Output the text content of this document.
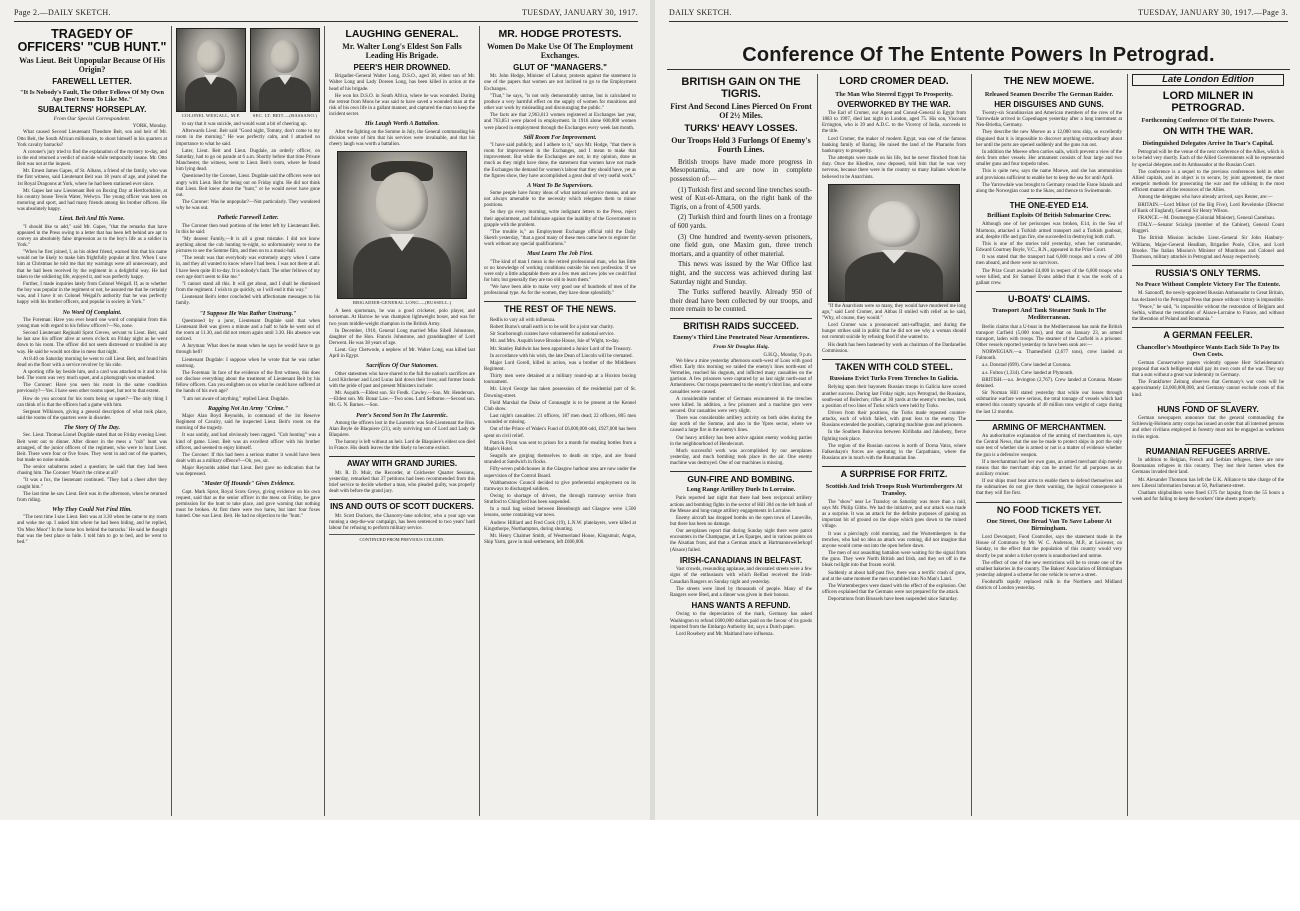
Page 2.—DAILY SKETCH.	TUESDAY, JANUARY 30, 1917.
TRAGEDY OF OFFICERS' "CUB HUNT."
Was Lieut. Beit Unpopular Because Of His Origin?
FAREWELL LETTER.
"It Is Nobody's Fault, The Other Fellows Of My Own Age Don't Seem To Like Me."
SUBALTERNS' HORSEPLAY.
From Our Special Correspondent.
YORK, Monday.

What caused Second Lieutenant Theodore Beit, son and heir of Mr. Otto Beit, the South African millionaire, to shoot himself in his quarters at York cavalry barracks?

A coroner's jury tried to find the explanation of the mystery to-day, and in the end returned a verdict of suicide while temporarily insane. Mr. Otto Beit was not at the inquest.

Mr. Ernest James Gapes, of St. Albans, a friend of the family, who was the first witness, said Lieutenant Beit was 18 years of age, and joined the 1st Royal Dragoons at York, where he had been stationed ever since.

Mr. Gapes last saw Lieutenant Beit on Boxing Day at Hertfordshire, at his country house Tewin Water, Welwyn. The young officer was keen on motoring and sport, and had many friends among his brother officers. He was absolutely happy.

Lieut. Beit And His Name.

"I should like to add," said Mr. Gapes, "that the remarks that have appeared in the Press owing to a letter that has been left behind are apt to convey an absolutely false impression as to the boy's life as a soldier in York."

"When he first joined, I, as his oldest friend, warned him that his name would not be likely to make him frightfully popular at first. When I saw him at Christmas he told me that my warnings were all unnecessary, and that he had been received by the regiment in a delightful way. He had taken to the soldiering life, enjoyed it, and was perfectly happy.

Further, I made inquiries lately from Colonel Weigall. If, as to whether the boy was popular in the regiment or not, he assured me that he certainly was, and I have it on Colonel Weigall's authority that he was perfectly happy with his brother officers, and popular in society in York."

No Word Of Complaint.

The Foreman: Have you ever heard one word of complaint from this young man with regard to his fellow officers?—No, none.

Second Lieutenant Reginald Sprot Greves, servant to Lieut. Beit, said he last saw his officer alive at seven o'clock on Friday night as he went down to his room. The officer did not seem distressed or troubled in any way. He said he would not dine in mess that night.

At 8.40 on Saturday morning he went to call Lieut. Beit, and found him dead on the floor with a service revolver by his side.

A sporting rifle lay beside him, and a card was attached to it and to his bed. The room was very much upset, and a photograph was smashed.

The Coroner: Have you seen his room in the same condition previously?—Yes. I have seen other rooms upset, but not to that extent.

How do you account for his room being so upset?—The only thing I can think of is that the officers had a game with him.

Sergeant Wilkinson, giving a general description of what took place, said the rooms of the quarters were in disorder.

The Story Of The Day.

Sec. Lieut. Thomas Lionel Dugdale stated that on Friday evening Lieut. Beit went out to dinner. After dinner in the mess a "cub" hunt was arranged, of the junior officers of the regiment, who were to hunt Lieut. Beit. There were four or five foxes. They went in and out of the quarters, but made no noise outside.

The senior subalterns asked a question; he said that they had been chasing him. The Coroner: Wasn't the crime at all?

"It was a fox, the lieutenant continued. "They had a cheer after they caught him."

The last time he saw Lieut. Beit was in the afternoon, when he returned from riding.

Why They Could Not Find Him.

"The next time I saw Lieut. Beit was at 3.30 when he came to my room and woke me up. I asked him where he had been hiding, and he replied, 'On Moo Moor'! In the horse box behind the barracks.' He said he thought that was the best place to hide. I told him to go to bed, and he went to bed."

COLONEL WEIGALL, M.P.	SEC. LT. BEIT.—(BASSANO.)

to say that it was suicide, and would want a bit of cheering up.

Afterwards Lieut. Beit said "Good night, Tommy, don't come to my room in the morning." He was perfectly calm, and I attached no importance to what he said.

Later, Lieut. Beit and Lieut. Dugdale, an orderly officer, on Saturday, had to go on parade at 6 a.m. Shortly before that time Private Manchester, the witness, went to Lieut. Beit's room, where he found him lying dead.

Questioned by the Coroner, Lieut. Dugdale said the officers were not angry with Lieut. Beit for being out on Friday night. He did not think that Lieut. Beit knew about the "hunt," or he would never have gone out.

The Coroner: Was he unpopular?—Not particularly. They wondered why he was out.

Pathetic Farewell Letter.

The Coroner then read portions of the letter left by Lieutenant Beit. In this he said:

"My dearest Family,—It is all a great mistake. I did not know anything about the cub hunting to-night, so unfortunately went to the pictures to see the Somme film, and then on to a music-hall.

"The result was that everybody was extremely angry when I came in, and they all wanted to know where I had been. I was not there at all. I have been quite ill to-day. It is nobody's fault. The other fellows of my own age don't seem to like me."

"I cannot stand all this. It will get about, and I shall be dismissed from the regiment. I wish to go quickly, so I will end it this way."

Lieutenant Beit's letter concluded with affectionate messages to his family.

"I Suppose He Was Rather Unstrung."

Questioned by a juror, Lieutenant Dugdale said that when Lieutenant Beit was given a minute and a half to hide he went out of the room at 11.30, and did not return again until 3.30. His absence was noticed.

A Juryman: What does he mean when he says he would have to go through hell?

Lieutenant Dugdale: I suppose when he wrote that he was rather unstrung.

The Foreman: In face of the evidence of the first witness, this does not disclose everything about the treatment of Lieutenant Beit by his fellow officers. Can you enlighten us on what he could have suffered at the hands of his own age?

"I am not aware of anything," replied Lieut. Dugdale.

Ragging Not An Army "Crime."

Major Alan Boyd Reynolds, in command of the 1st Reserve Regiment of Cavalry, said he inspected Lieut. Beit's room on the morning of the tragedy.

It was untidy, and had obviously been ragged. "Cub hunting" was a kind of game. Lieut. Beit was an excellent officer with his brother officers, and seemed to enjoy himself.

The Coroner: If this had been a serious matter it would have been dealt with as a military offence?—Oh, yes, sir.

Major Reynolds added that Lieut. Beit gave no indication that he was depressed.

"Master Of Hounds" Gives Evidence.

Capt. Mark Sprot, Royal Scots Greys, giving evidence on his own request, said that as the senior officer in the mess on Friday, he gave permission for the hunt to take place, and gave warning that nothing must be broken. At first there were two hares, but later four foxes hunted. One was Lieut. Beit. He had no objection to the "hunt."

LAUGHING GENERAL.
Mr. Walter Long's Eldest Son Falls Leading His Brigade.
PEER'S HEIR DROWNED.

Brigadier-General Walter Long, D.S.O., aged 38, eldest son of Mr. Walter Long and Lady Doreen Long, has been killed in action at the head of his brigade.

He won his D.S.O. in South Africa, where he was wounded. During the retreat from Mons he was said to have saved a wounded man at the risk of his own life in a gallant manner, and captured the man to keep the incident secret.

His Laugh Worth A Battalion.

After the fighting on the Somme in July, the General commanding his division wrote of him that his services were invaluable, and that his cheery laugh was worth a battalion.

BRIGADIER-GENERAL LONG.—(RUSSELL.)

A keen sportsman, he was a good cricketer, polo player, and horseman. At Harrow he was champion lightweight boxer, and was for two years middle-weight champion in the British Army.

In December, 1910, General Long married Miss Sibell Johnstone, daughter of the Hon. Francis Johnstone, and granddaughter of Lord Derwent. He was 38 years of age.

Lieut. Guy Chetwode, a nephew of Mr. Walter Long, was killed last April in Egypt.

Sacrifices Of Our Statesmen.

Other statesmen who have shared to the full the nation's sacrifices are Lord Kitchener and Lord Lucas laid down their lives; and former bonds with the pride of past and present Ministers include:

Mr. Asquith.—Eldest son. Sir Fredk. Cawley.—Son. Mr. Henderson.—Eldest son. Mr. Bonar Law.—Two sons. Lord Selborne.—Second son. Mr. G. N. Barnes.—Son.

Peer's Second Son In The Laurentic.

Among the officers lost in the Laurentic was Sub-Lieutenant the Hon. Alan Boyle de Blaquiere (21), only surviving son of Lord and Lady de Blaquiere.

The barony is left without an heir. Lord de Blaquiere's eldest son died in France. His death leaves the title likely to become extinct.

AWAY WITH GRAND JURIES.

Mr. R. D. Muir, the Recorder, at Colchester Quarter Sessions, yesterday, remarked that 37 petitions had been recommended from this brief service to decide whether a man, who pleaded guilty, was properly dealt with before the grand jury.

INS AND OUTS OF SCOTT DUCKERS.

Mr. Scott Duckers, the Chancery-lane solicitor, who a year ago was running a step-the-war campaign, has been sentenced to two years' hard labour for refusing to perform military service.

CONTINUED FROM PREVIOUS COLUMN.
MR. HODGE PROTESTS.
Women Do Make Use Of The Employment Exchanges.
GLUT OF "MANAGERS."

Mr. John Hodge, Minister of Labour, protests against the statement in one of the papers that women are not inclined to go to the Employment Exchanges.

"That," he says, "is not only demonstrably untrue, but is calculated to produce a very harmful effect on the supply of women for munitions and other war work by misleading and discouraging the public."

The facts are that 2,963,613 women registered at Exchanges last year, and 763,851 were placed in employment. In 1916 alone 600,000 women were placed in employment through the Exchanges every week last month.

Still Room For Improvement.

"I have said publicly, and I adhere to it," says Mr. Hodge, "that there is room for improvement in the Exchanges, and I mean to make that improvement. But while the Exchanges are not, in my opinion, done as much as they might have done, the statement that women have not made the Exchanges the demand for women's labour that they should have, yet as the figures show, they have accomplished a great deal of very useful work."

A Want To Be Supervisors.

Some people have funny ideas of what national service means, and are not always amenable to the necessity which relegates them to minor positions.

So they go every morning, write indignant letters to the Press, reject their appointment, and fulminate against the inability of the Government to grapple with the problem.

"The trouble is," an Employment Exchange official told the Daily Sketch yesterday, "that a good many of these men came here to register for work without any special qualifications."

Must Learn The Job First.

"The kind of man I mean is the retired professional man, who has little or no knowledge of working conditions outside his own profession. If we were only a little adaptable there are a few men and new jobs we could find for him; but generally they are too old to learn them."

"We have been able to make very good use of hundreds of men of the professional type. As for the women, they have done splendidly."

THE REST OF THE NEWS.

Redlis to vary all with influenza.

Robert Burns's small earth is to be sold for a joint war charity.

Sir Scarborough curates have volunteered for national service.

Mr. and Mrs. Asquith leave Brooke House, Isle of Wight, to-day.

Mr. Stanley Baldwin has been appointed a Junior Lord of the Treasury.

In accordance with his wish, the late Dean of Lincoln will be cremated.

Major Lord Gorell, killed in action, was a brother of the Middlesex Regiment.

Thirty men were detained at a military round-up at a Hoxton boxing tournament.

Mr. Lloyd George has taken possession of the residential part of St. Downing-street.

Field Marshal the Duke of Connaught is to be present at the Kennel Club show.

Last night's casualties: 21 officers, 187 men dead; 22 officers, 805 men wounded or missing.

Out of the Prince of Wales's Fund of £6,000,000 odd, £927,000 has been spent on civil relief.

Patrick Flynn was sent to prison for a month for stealing bottles from a Maple's Hotel.

Seagulls are gorging themselves to death on tripe, and are found stranded at Sandwich in flocks.

Fifty-seven publichouses in the Glasgow harbour area are now under the supervision of the Control Board.

Walthamstow Council decided to give preferential employment on its tramways to discharged soldiers.

Owing to shortage of drivers, the through tramway service from Stratford to Chingford has been suspended.

In a mail bag seized between Beienburgh and Glasgow were 1,500 lessons, some containing war news.

Andrew Hilliard and Fred Cook (19), L.N.W. platelayers, were killed at Kingsthorpe, Northampton, during shunting.

Mr. Henry Chalmer Smith, of Westmerland House, Kingsmuir, Angus, Ship Yarm, gave in mail settlement, left £600,000.

DAILY SKETCH.	TUESDAY, JANUARY 30, 1917.—Page 3.
Conference Of The Entente Powers In Petrograd.
BRITISH GAIN ON THE TIGRIS.
First And Second Lines Pierced On Front Of 2½ Miles.
TURKS' HEAVY LOSSES.
Our Troops Hold 3 Furlongs Of Enemy's Fourth Lines.

British troops have made more progress in Mesopotamia, and are now in complete possession of:—

(1) Turkish first and second line trenches south-west of Kut-el-Amara, on the right bank of the Tigris, on a front of 4,500 yards.

(2) Turkish third and fourth lines on a frontage of 600 yards.

(3) One hundred and twenty-seven prisoners, one field gun, one Maxim gun, three trench mortars, and a quantity of other material.

This news was issued by the War Office last night, and the success was achieved during last Saturday night and Sunday.

The Turks suffered heavily. Already 950 of their dead have been collected by our troops, and more remain to be counted.

BRITISH RAIDS SUCCEED.
Enemy's Third Line Penetrated Near Armentieres.
From Sir Douglas Haig.
G.H.Q., Monday, 9 p.m.

We blew a mine yesterday afternoon south-west of Loos with good effect. Early this morning we raided the enemy's lines north-east of Vermelles, reached his dugouts, and inflicted many casualties on the garrison. A few prisoners were captured by us last night north-east of Armentieres. Our troops penetrated to the enemy's third line, and some casualties were caused.

A considerable number of Germans encountered in the trenches were killed. In addition, a few prisoners and a machine gun were secured. Our casualties were very slight.

There was considerable artillery activity on both sides during the day north of the Somme, and also in the Ypres sector, where we caused a large fire in the enemy's lines.

Our heavy artillery has been active against enemy working parties in the neighbourhood of Hendecourt.

Much successful work was accomplished by our aeroplanes yesterday, and much bombing took place in the air. One enemy machine was destroyed. One of our machines is missing.

GUN-FIRE AND BOMBING.
Long Range Artillery Duels In Lorraine.

Paris reported last night that there had been reciprocal artillery actions and bombing fights in the sector of Hill 304 on the left bank of the Meuse and long-range artillery engagements in Lorraine.

Enemy aircraft has dropped bombs on the open town of Luneville, but there has been no damage.

Our aeroplanes report that during Sunday night there were patrol encounters in the Champagne, at Les Eparges, and in various points on the Alsatian front, and that a German attack at Hartmannsweilerkopf (Alsace) failed.

IRISH-CANADIANS IN BELFAST.

Vast crowds, resounding applause, and decorated streets were a few signs of the enthusiasm with which Belfast received the Irish-Canadian Rangers on Sunday night and yesterday.

The streets were lined by thousands of people. Many of the Rangers were fêted, and a dinner was given in their honour.

HANS WANTS A REFUND.

Owing to the depreciation of the mark, Germany has asked Washington to refund £600,000 dollars paid on the favour of its goods imported from the Embargo Authority list, says a Dutch paper.

Lord Rosebery and Mr. Maitland have influenza.

LORD CROMER DEAD.
The Man Who Steered Egypt To Prosperity.
OVERWORKED BY THE WAR.

The Earl of Cromer, our Agent and Consul-General in Egypt from 1883 to 1907, died last night in London, aged 75. His son, Viscount Errington, who is 39 and A.D.C. to the Viceroy of India, succeeds to the title.

Lord Cromer, the maker of modern Egypt, was one of the famous banking family of Baring. He raised the land of the Pharaohs from bankruptcy to prosperity.

The attempts were made on his life, but he never flinched from his duty. Once the Khedive, now deposed, told him that he was very nervous, because there were in the country so many Italians whom he believed to be Anarchists.

"If the Anarchists were so many, they would have murdered me long ago," said Lord Cromer, and Abbas II smiled with relief as he said, "Why, of course, they would."

Lord Cromer was a pronounced anti-suffragist, and during the hunger strikes said in public that he did not see why a woman should not commit suicide by refusing food if she wanted to.

His death has been hastened by work as chairman of the Dardanelles Commission.

TAKEN WITH COLD STEEL.
Russians Evict Turks From Trenches In Galicia.

Relying upon their bayonets Russian troops in Galicia have scored another success. During last Friday night, says Petrograd, the Russians, south-east of Bolechov, rifles at 30 yards at the enemy's trenches, took a position of two lines of Turks which were held by Turks.

Driven from their positions, the Turks made repeated counter-attacks, each of which failed, with great loss to the enemy. The Russians extended the position, capturing machine guns and prisoners.

In the Southern Bukovina between Kirlibaba and Jakobeny, fierce fighting took place.

The region of the Russian success is north of Dorna Vatra, where Falkenhayn's forces are operating in the Carpathians, where the Russians are in touch with the Roumanian line.

A SURPRISE FOR FRITZ.
Scottish And Irish Troops Rush Wurtembergers At Transloy.

The "show" near Le Transloy on Saturday was more than a raid, says Mr. Philip Gibbs. We had the initiative, and our attack was made as a surprise. It was an attack for the definite purposes of gaining an important bit of ground on the slope which goes down to the ruined village.

It was a piercingly cold morning, and the Wurtembergers in the trenches, who had no idea an attack was coming, did not imagine that anyone would come out into the open before dawn.

The men of our assaulting battalion were waiting for the signal from the guns. They were North British and Irish, and they set off in the bleak twilight into that frozen world.

Suddenly at about half-past five, there was a terrific crash of guns, and at the same moment the men scrambled into No Man's Land.

The Wurtembergers were dazed with the effect of the explosion. Our officers explained that the Germans were not prepared for the attack.

Deportations from Brussels have been suspended since Saturday.

THE NEW MOEWE.
Released Seamen Describe The German Raider.
HER DISGUISES AND GUNS.

Twenty-six Scandinavian and American members of the crew of the Yarrowdale arrived in Copenhagen yesterday after a long internment at Neu-Brietha, Germany.

They describe the new Moewe as a 12,000 tons ship, so excellently disguised that it is impossible to discover anything extraordinary about her until the ports are opened suddenly and the guns run out.

In addition the Moewe often carries sails, which prevent a view of the deck from other vessels. Her armament consists of four large and two smaller guns and four torpedo tubes.

This is quite new, says the name Moewe, and she has ammunition and provisions sufficient to enable her to keep the sea for until April.

The Yarrowdale was brought to Germany round the Faroe Islands and along the Norwegian coast to the Skaw, and thence to Swinemunde.

THE ONE-EYED E14.
Brilliant Exploits Of British Submarine Crew.

Although one of her periscopes was broken, E14, in the Sea of Marmora, attacked a Turkish armed transport and a Turkish gunboat, and, despite rifle and gun fire, she succeeded in destroying both craft.

This is one of the stories told yesterday, when her commander, Edward Courtney Boyle, V.C., R.N., appeared in the Prize Court.

It was stated that the transport had 6,000 troops and a crew of 200 men aboard, and there were no survivors.

The Prize Court awarded £4,000 in respect of the 6,000 troops who were killed, and Sir Samuel Evans added that it was the work of a gallant crew.

U-BOATS' CLAIMS.
Transport And Tank Steamer Sunk In The Mediterranean.

Berlin claims that a U-boat in the Mediterranean has sunk the British transport Carfield (5,000 tons), and that on January 23, an armed transport, laden with troops. The steamer of the Carfield is a prisoner. Other vessels reported yesterday to have been sunk are:—

NORWEGIAN.—a. Thamesfield (2,677 tons), crew landed at Falmouth.

a.s. Donstad (699). Crew landed at Corunna.

a.s. Fulton (1,334). Crew landed at Plymouth.

BRITISH.—a.s. Jevington (2,767). Crew landed at Corunna. Master detained.

Sir Norman Hill stated yesterday that while our losses through submarine warfare were serious, the total tonnage of vessels which had entered this country upwards of 40 million tons weight of cargo during the last 12 months.

ARMING OF MERCHANTMEN.

An authoritative explanation of the arming of merchantmen is, says the Central News, that the use be made to protect ships in port the only sure test of whether she is armed or not is a matter of evidence whether the gun is a defensive weapon.

If a merchantman had her own guns, an armed merchant ship merely means that the merchant ship can be armed for all purposes as an auxiliary cruiser.

If our ships must bear arms to enable them to defend themselves and the submarines do not give them warning, the logical consequence is that they will fire first.

NO FOOD TICKETS YET.
One Street, One Bread Van To Save Labour At Birmingham.

Lord Devonport, Food Controller, says the statement made in the House of Commons by Mr. W. C. Anderson, M.P., at Leicester, on Sunday, to the effect that the population of this country would very shortly be put under a ticket system is unauthorised and untrue.

The effect of one of the new restrictions will be to create one of the smallest bakeries in the country. The Bakers' Association of Birmingham yesterday adopted a scheme for one vehicle to serve a street.

Foodstuffs rapidly replaced milk in the Northern and Midland districts of London yesterday.

Late London Edition
LORD MILNER IN PETROGRAD.
Forthcoming Conference Of The Entente Powers.
ON WITH THE WAR.
Distinguished Delegates Arrive In Tsar's Capital.

Petrograd will be the venue of the next conference of the Allies, which is to be held very shortly. Each of the Allied Governments will be represented by special delegates and its Ambassador at the Russian Court.

The conference is a sequel to the previous conferences held in other Allied capitals, and its object is to secure, by joint agreement, the most energetic methods for prosecuting the war and the utilising in the most efficient manner all the resources of the Allies.

Among the delegates who have already arrived, says Reuter, are:—

BRITAIN.—Lord Milner (of the Big Five), Lord Revelstoke (Director of Bank of England), General Sir Henry Wilson.

FRANCE.—M. Doumergue (Colonial Minister), General Castelnau.

ITALY.—Senator Scialoja (member of the Cabinet), General Count Ruggeri.

The British Mission includes Lieut.-General Sir John Hanbury-Williams, Major-General Headlam, Brigadier Poole, Clive, and Lord Brooke. The Italian Mission's Minister of Munitions and Colonel and Thomson, military attachés in Petrograd and Assay respectively.

RUSSIA'S ONLY TERMS.
No Peace Without Complete Victory For The Entente.

M. Sazonoff, the newly-appointed Russian Ambassador to Great Britain, has declared to the Petrograd Press that peace without victory is impossible.

"Peace," he said, "is impossible without the restoration of Belgium and Serbia, without the restoration of Alsace-Lorraine to France, and without the liberation of Poland and Roumania."

A GERMAN FEELER.
Chancellor's Mouthpiece Wants Each Side To Pay Its Own Costs.

German Conservative papers violently oppose Herr Scheidemann's proposal that each belligerent shall pay its own costs of the war. They say that a sum without a great war indemnity to Germany.

The Frankfurter Zeitung observes that Germany's war costs will be approximately £4,000,000,000, and Germany cannot exclude costs of this kind.

HUNS FOND OF SLAVERY.

German newspapers announce that the general commanding the Schleswig-Holstein army corps has issued an order that all interned persons and other civilians employed in forestry must not be engaged as workmen in this region.

RUMANIAN REFUGEES ARRIVE.

In addition to Belgian, French and Serbian refugees, there are now Roumanian refugees in this country. They lost their homes when the Germans invaded their land.

Mr. Alexander Thomson has left the U.K. Alliance to take charge of the new Liberal information bureau at 50, Parliament-street.

Chatham shipbuilders were fined £175 for lapsing from the 55 hours a week and for failing to keep the workers' time sheets properly.
